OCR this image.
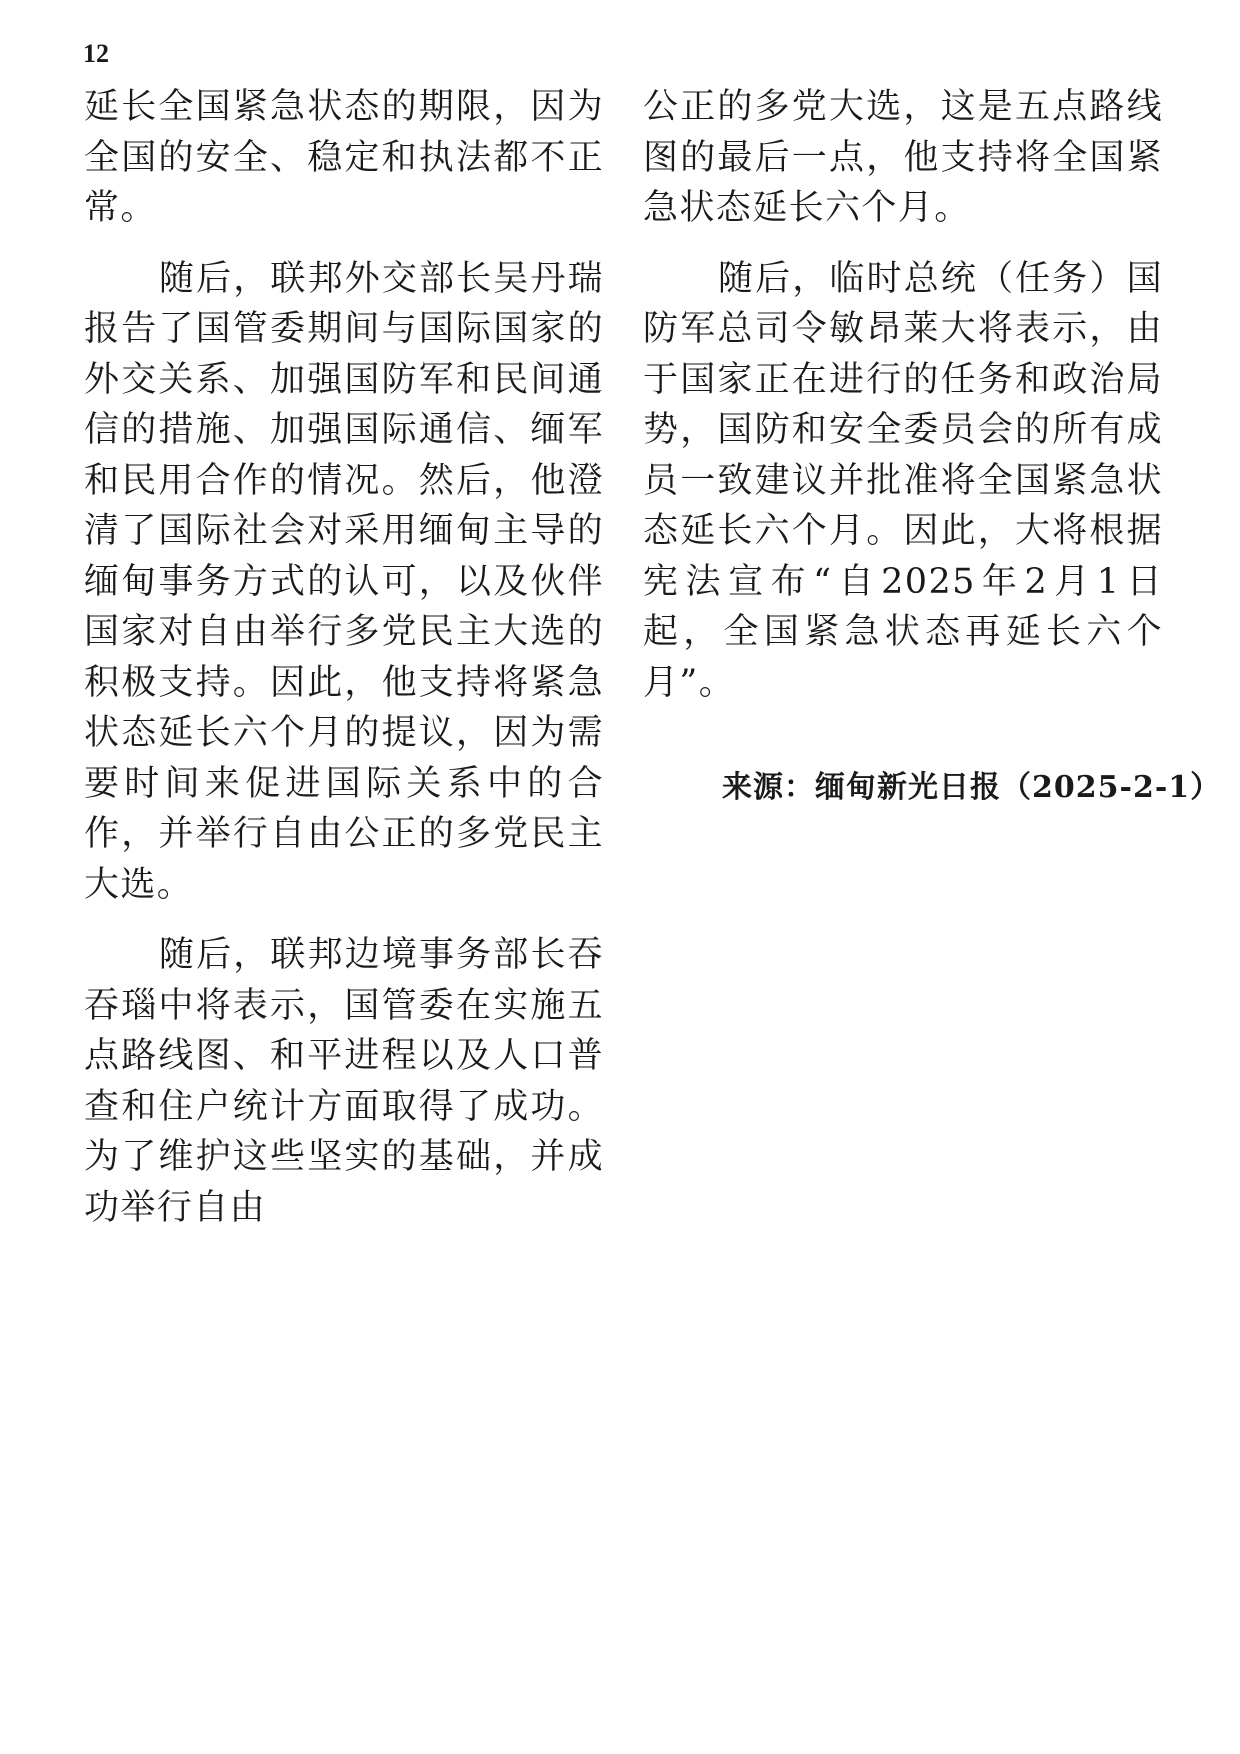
12

延长全国紧急状态的期限，因为全国的安全、稳定和执法都不正常。

随后，联邦外交部长吴丹瑞报告了国管委期间与国际国家的外交关系、加强国防军和民间通信的措施、加强国际通信、缅军和民用合作的情况。然后，他澄清了国际社会对采用缅甸主导的缅甸事务方式的认可，以及伙伴国家对自由举行多党民主大选的积极支持。因此，他支持将紧急状态延长六个月的提议，因为需要时间来促进国际关系中的合作，并举行自由公正的多党民主大选。

随后，联邦边境事务部长吞吞瑙中将表示，国管委在实施五点路线图、和平进程以及人口普查和住户统计方面取得了成功。为了维护这些坚实的基础，并成功举行自由

公正的多党大选，这是五点路线图的最后一点，他支持将全国紧急状态延长六个月。

随后，临时总统（任务）国防军总司令敏昂莱大将表示，由于国家正在进行的任务和政治局势，国防和安全委员会的所有成员一致建议并批准将全国紧急状态延长六个月。因此，大将根据宪法宣布“自2025年2月1日起，全国紧急状态再延长六个月”。

来源：缅甸新光日报（2025-2-1）
